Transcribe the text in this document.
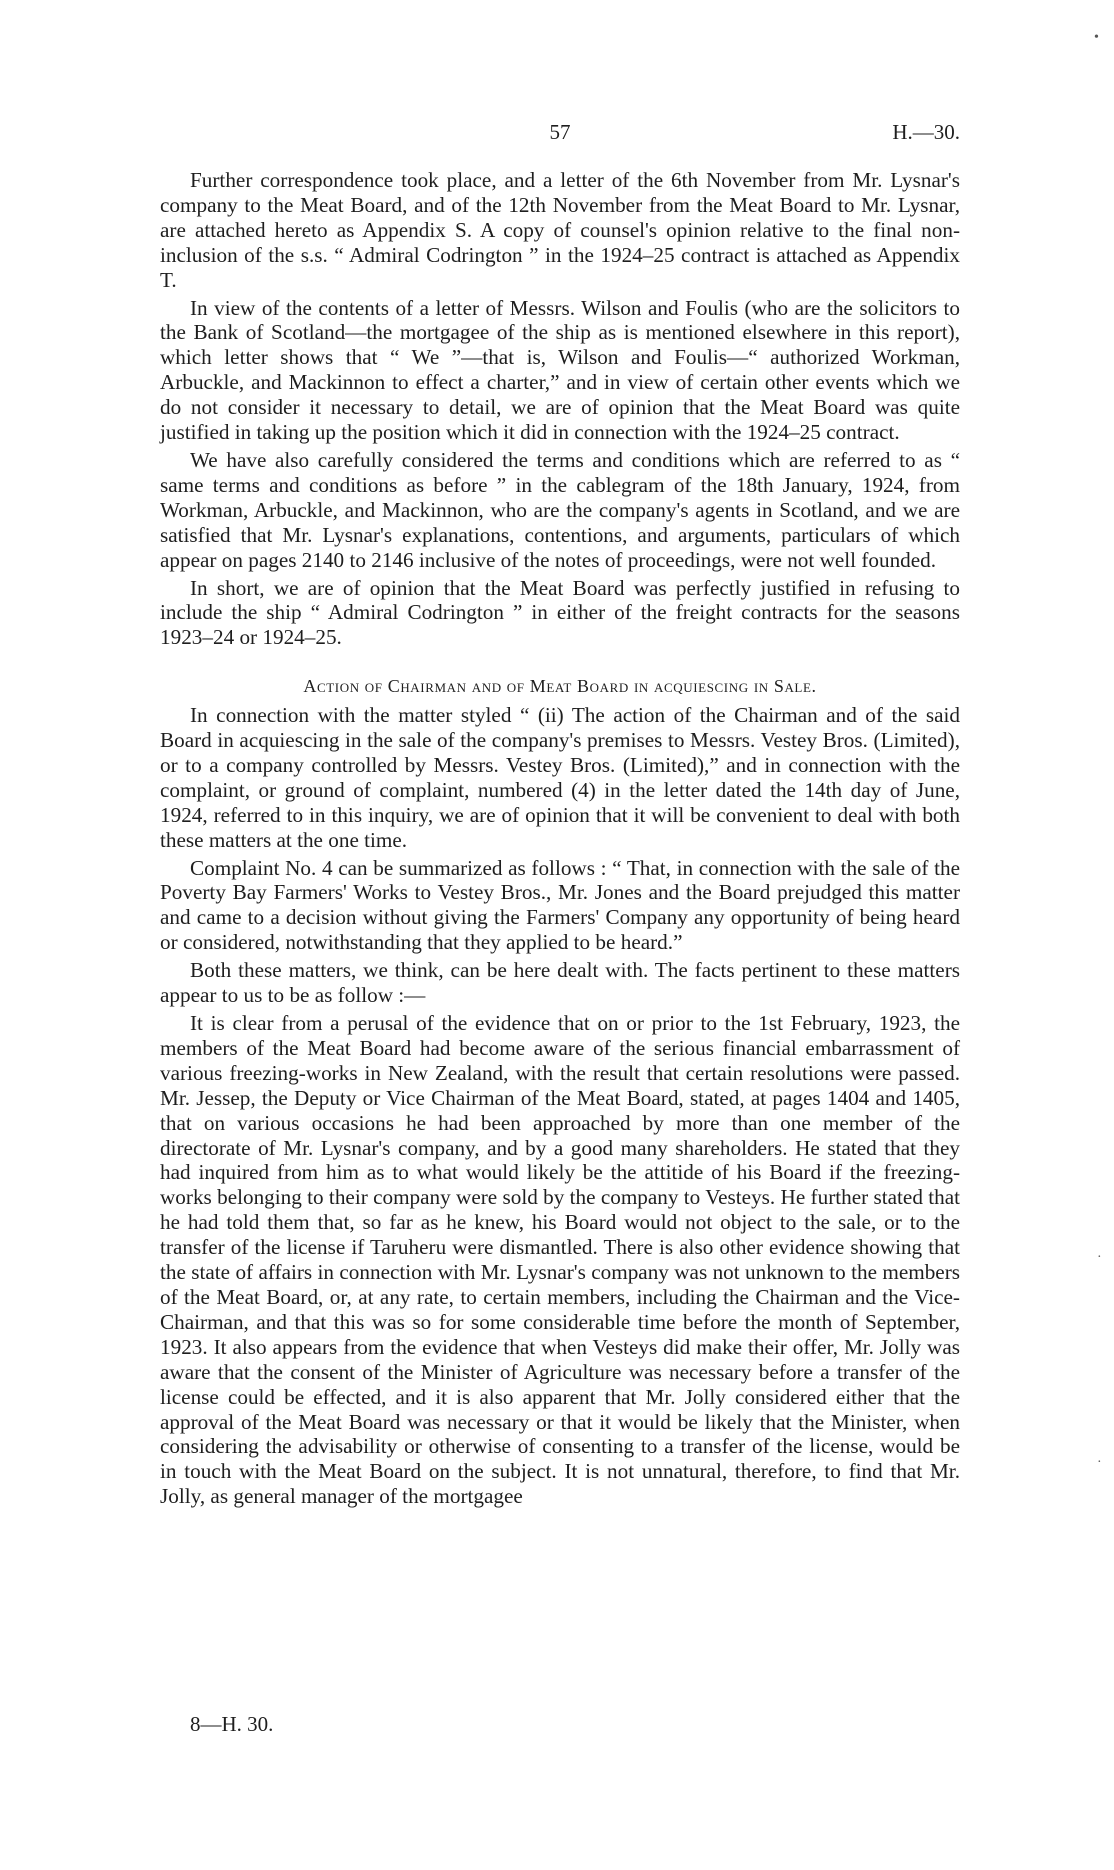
57	H.—30.

Further correspondence took place, and a letter of the 6th November from Mr. Lysnar's company to the Meat Board, and of the 12th November from the Meat Board to Mr. Lysnar, are attached hereto as Appendix S. A copy of counsel's opinion relative to the final non-inclusion of the s.s. “ Admiral Codrington ” in the 1924–25 contract is attached as Appendix T.

In view of the contents of a letter of Messrs. Wilson and Foulis (who are the solicitors to the Bank of Scotland—the mortgagee of the ship as is mentioned elsewhere in this report), which letter shows that “ We ”—that is, Wilson and Foulis—“ authorized Workman, Arbuckle, and Mackinnon to effect a charter,” and in view of certain other events which we do not consider it necessary to detail, we are of opinion that the Meat Board was quite justified in taking up the position which it did in connection with the 1924–25 contract.

We have also carefully considered the terms and conditions which are referred to as “ same terms and conditions as before ” in the cablegram of the 18th January, 1924, from Workman, Arbuckle, and Mackinnon, who are the company's agents in Scotland, and we are satisfied that Mr. Lysnar's explanations, contentions, and arguments, particulars of which appear on pages 2140 to 2146 inclusive of the notes of proceedings, were not well founded.

In short, we are of opinion that the Meat Board was perfectly justified in refusing to include the ship “ Admiral Codrington ” in either of the freight contracts for the seasons 1923–24 or 1924–25.

Action of Chairman and of Meat Board in acquiescing in Sale.

In connection with the matter styled “ (ii) The action of the Chairman and of the said Board in acquiescing in the sale of the company's premises to Messrs. Vestey Bros. (Limited), or to a company controlled by Messrs. Vestey Bros. (Limited),” and in connection with the complaint, or ground of complaint, numbered (4) in the letter dated the 14th day of June, 1924, referred to in this inquiry, we are of opinion that it will be convenient to deal with both these matters at the one time.

Complaint No. 4 can be summarized as follows : “ That, in connection with the sale of the Poverty Bay Farmers' Works to Vestey Bros., Mr. Jones and the Board prejudged this matter and came to a decision without giving the Farmers' Company any opportunity of being heard or considered, notwithstanding that they applied to be heard.”

Both these matters, we think, can be here dealt with. The facts pertinent to these matters appear to us to be as follow :—

It is clear from a perusal of the evidence that on or prior to the 1st February, 1923, the members of the Meat Board had become aware of the serious financial embarrassment of various freezing-works in New Zealand, with the result that certain resolutions were passed. Mr. Jessep, the Deputy or Vice Chairman of the Meat Board, stated, at pages 1404 and 1405, that on various occasions he had been approached by more than one member of the directorate of Mr. Lysnar's company, and by a good many shareholders. He stated that they had inquired from him as to what would likely be the attitide of his Board if the freezing-works belonging to their company were sold by the company to Vesteys. He further stated that he had told them that, so far as he knew, his Board would not object to the sale, or to the transfer of the license if Taruheru were dismantled. There is also other evidence showing that the state of affairs in connection with Mr. Lysnar's company was not unknown to the members of the Meat Board, or, at any rate, to certain members, including the Chairman and the Vice-Chairman, and that this was so for some considerable time before the month of September, 1923. It also appears from the evidence that when Vesteys did make their offer, Mr. Jolly was aware that the consent of the Minister of Agriculture was necessary before a transfer of the license could be effected, and it is also apparent that Mr. Jolly considered either that the approval of the Meat Board was necessary or that it would be likely that the Minister, when considering the advisability or otherwise of consenting to a transfer of the license, would be in touch with the Meat Board on the subject. It is not unnatural, therefore, to find that Mr. Jolly, as general manager of the mortgagee

8—H. 30.
•
·
·
